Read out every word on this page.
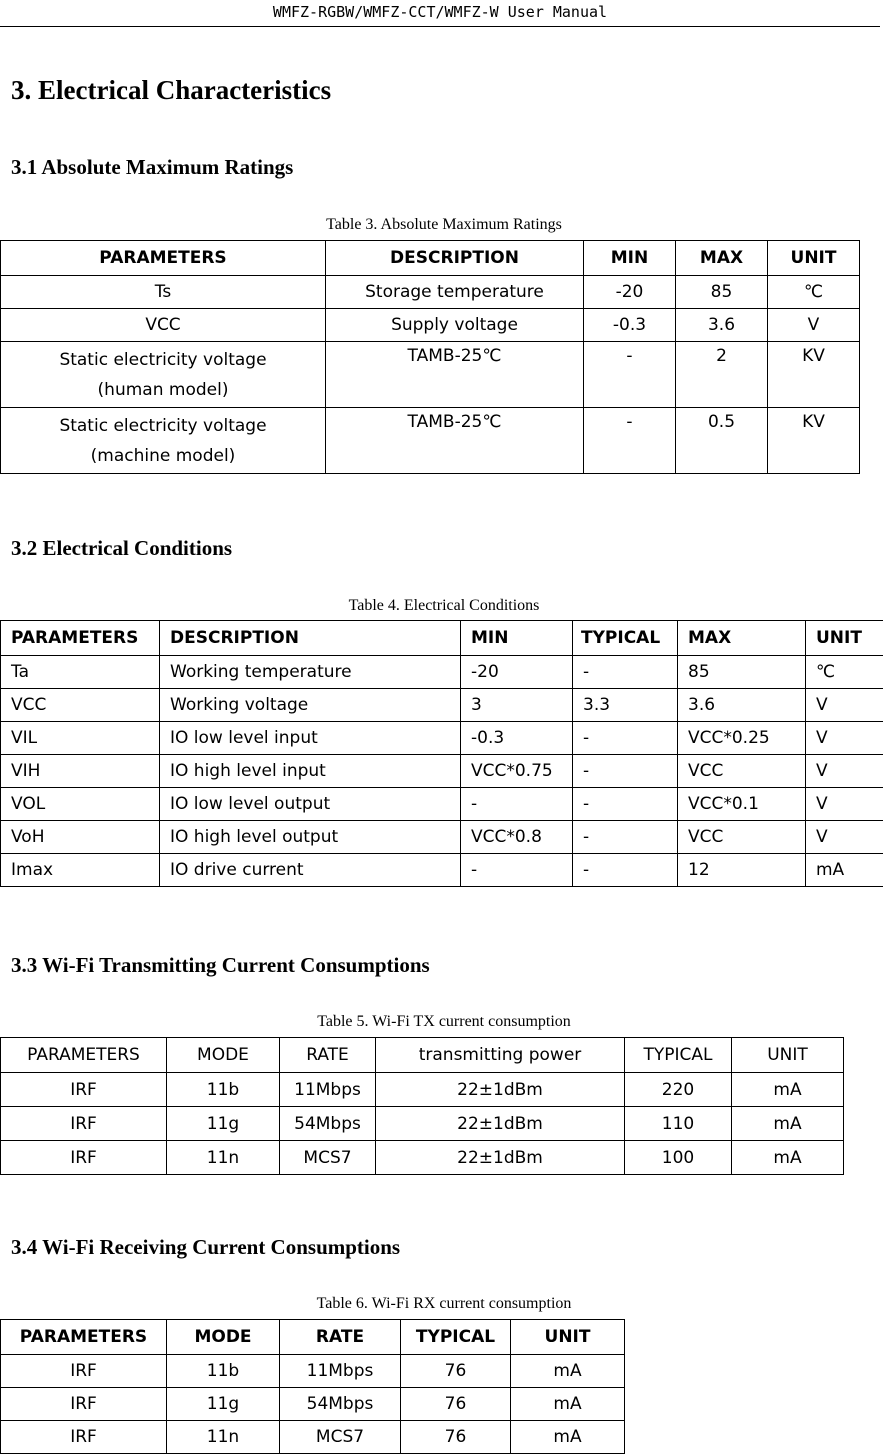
WMFZ-RGBW/WMFZ-CCT/WMFZ-W User Manual
3. Electrical Characteristics
3.1 Absolute Maximum Ratings
Table 3. Absolute Maximum Ratings
PARAMETERS	DESCRIPTION	MIN	MAX	UNIT
Ts	Storage temperature	-20	85	℃
VCC	Supply voltage	-0.3	3.6	V

Static electricity voltage
(human model)	TAMB-25℃	-	2	KV

Static electricity voltage
(machine model)	TAMB-25℃	-	0.5	KV
3.2 Electrical Conditions
Table 4. Electrical Conditions
PARAMETERS	DESCRIPTION	MIN	TYPICAL	MAX	UNIT
Ta	Working temperature	-20	-	85	℃
VCC	Working voltage	3	3.3	3.6	V
VIL	IO low level input	-0.3	-	VCC*0.25	V
VIH	IO high level input	VCC*0.75	-	VCC	V
VOL	IO low level output	-	-	VCC*0.1	V
VoH	IO high level output	VCC*0.8	-	VCC	V
Imax	IO drive current	-	-	12	mA
3.3 Wi-Fi Transmitting Current Consumptions
Table 5. Wi-Fi TX current consumption
PARAMETERS	MODE	RATE	transmitting power	TYPICAL	UNIT
IRF	11b	11Mbps	22±1dBm	220	mA
IRF	11g	54Mbps	22±1dBm	110	mA
IRF	11n	MCS7	22±1dBm	100	mA
3.4 Wi-Fi Receiving Current Consumptions
Table 6. Wi-Fi RX current consumption
PARAMETERS	MODE	RATE	TYPICAL	UNIT
IRF	11b	11Mbps	76	mA
IRF	11g	54Mbps	76	mA
IRF	11n	MCS7	76	mA
